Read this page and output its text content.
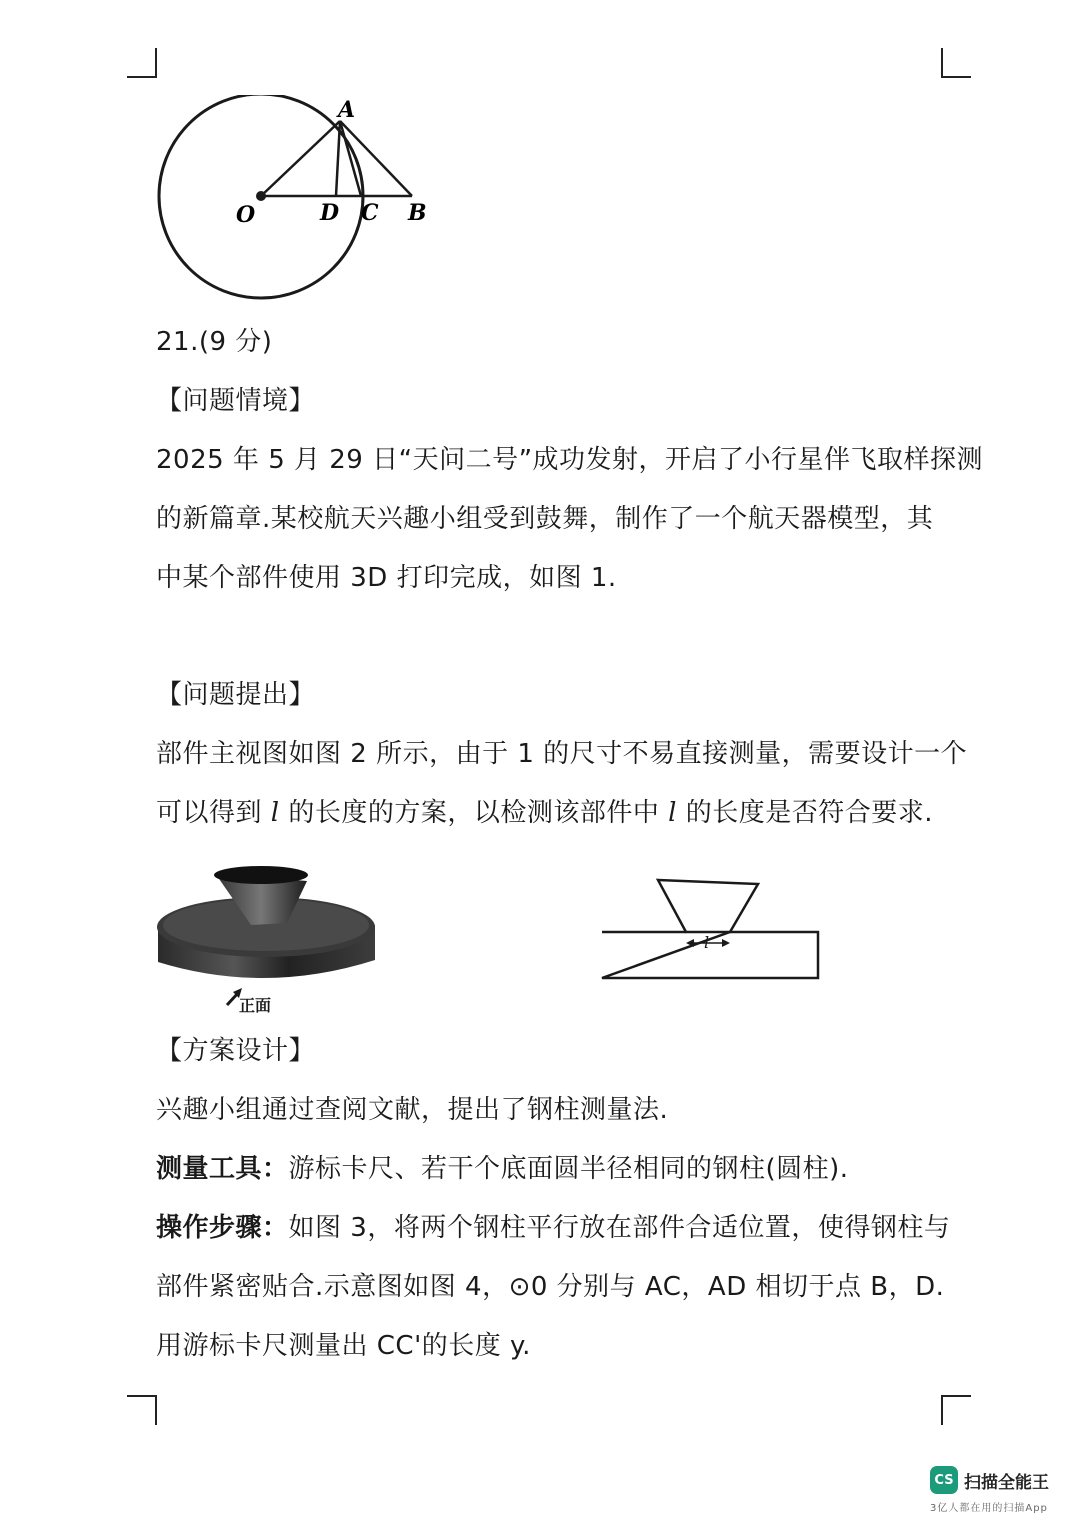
A
O	D C B
21.(9 分)
【问题情境】
2025 年 5 月 29 日“天问二号”成功发射，开启了小行星伴飞取样探测
的新篇章.某校航天兴趣小组受到鼓舞，制作了一个航天器模型，其
中某个部件使用 3D 打印完成，如图 1.
【问题提出】
部件主视图如图 2 所示，由于 1 的尺寸不易直接测量，需要设计一个
可以得到 l 的长度的方案，以检测该部件中 l 的长度是否符合要求.
正面
l
【方案设计】
兴趣小组通过查阅文献，提出了钢柱测量法.
测量工具：游标卡尺、若干个底面圆半径相同的钢柱(圆柱).
操作步骤：如图 3，将两个钢柱平行放在部件合适位置，使得钢柱与
部件紧密贴合.示意图如图 4，⊙0 分别与 AC，AD 相切于点 B，D.
用游标卡尺测量出 CC'的长度 y.
CS 扫描全能王
3亿人都在用的扫描App
